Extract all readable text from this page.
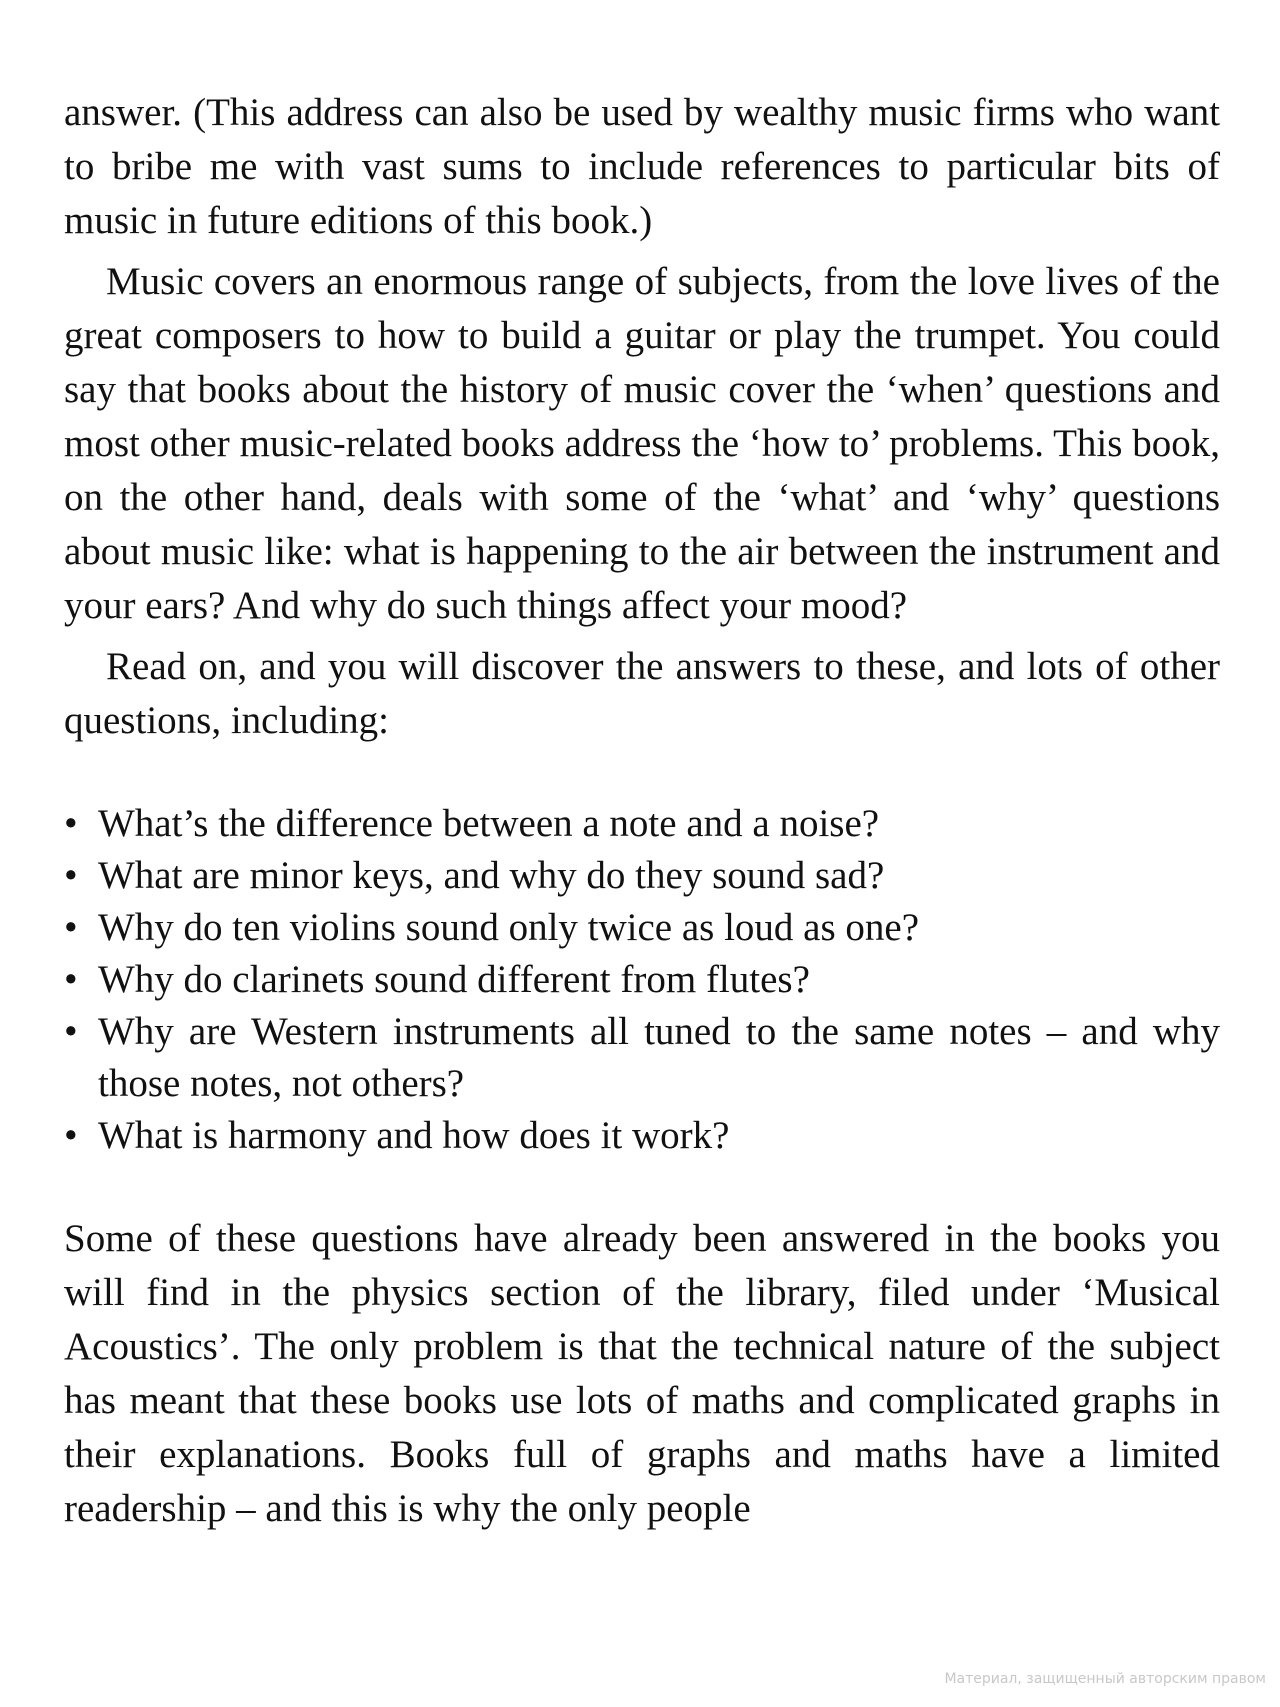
answer. (This address can also be used by wealthy music firms who want to bribe me with vast sums to include references to particular bits of music in future editions of this book.)

Music covers an enormous range of subjects, from the love lives of the great composers to how to build a guitar or play the trumpet. You could say that books about the history of music cover the ‘when’ questions and most other music-related books address the ‘how to’ problems. This book, on the other hand, deals with some of the ‘what’ and ‘why’ questions about music like: what is happening to the air between the instrument and your ears? And why do such things affect your mood?

Read on, and you will discover the answers to these, and lots of other questions, including:

• What’s the difference between a note and a noise?
• What are minor keys, and why do they sound sad?
• Why do ten violins sound only twice as loud as one?
• Why do clarinets sound different from flutes?
• Why are Western instruments all tuned to the same notes – and why those notes, not others?
• What is harmony and how does it work?

Some of these questions have already been answered in the books you will find in the physics section of the library, filed under ‘Musical Acoustics’. The only problem is that the technical nature of the subject has meant that these books use lots of maths and complicated graphs in their explanations. Books full of graphs and maths have a limited readership – and this is why the only people

Материал, защищенный авторским правом
